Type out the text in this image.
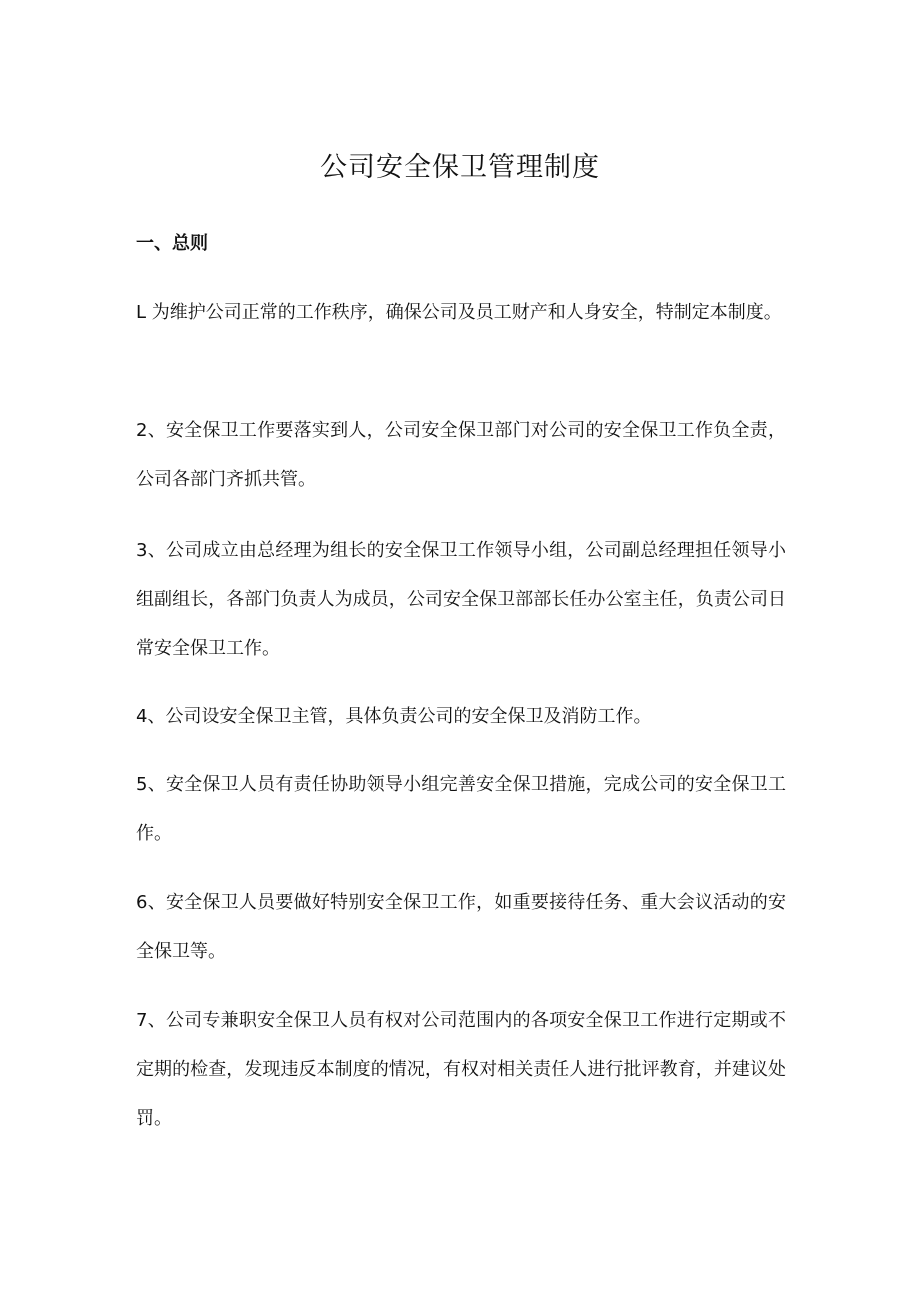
公司安全保卫管理制度
一、总则

L 为维护公司正常的工作秩序，确保公司及员工财产和人身安全，特制定本制度。

2、安全保卫工作要落实到人，公司安全保卫部门对公司的安全保卫工作负全责，公司各部门齐抓共管。

3、公司成立由总经理为组长的安全保卫工作领导小组，公司副总经理担任领导小组副组长，各部门负责人为成员，公司安全保卫部部长任办公室主任，负责公司日常安全保卫工作。

4、公司设安全保卫主管，具体负责公司的安全保卫及消防工作。

5、安全保卫人员有责任协助领导小组完善安全保卫措施，完成公司的安全保卫工作。

6、安全保卫人员要做好特别安全保卫工作，如重要接待任务、重大会议活动的安全保卫等。

7、公司专兼职安全保卫人员有权对公司范围内的各项安全保卫工作进行定期或不定期的检查，发现违反本制度的情况，有权对相关责任人进行批评教育，并建议处罚。
